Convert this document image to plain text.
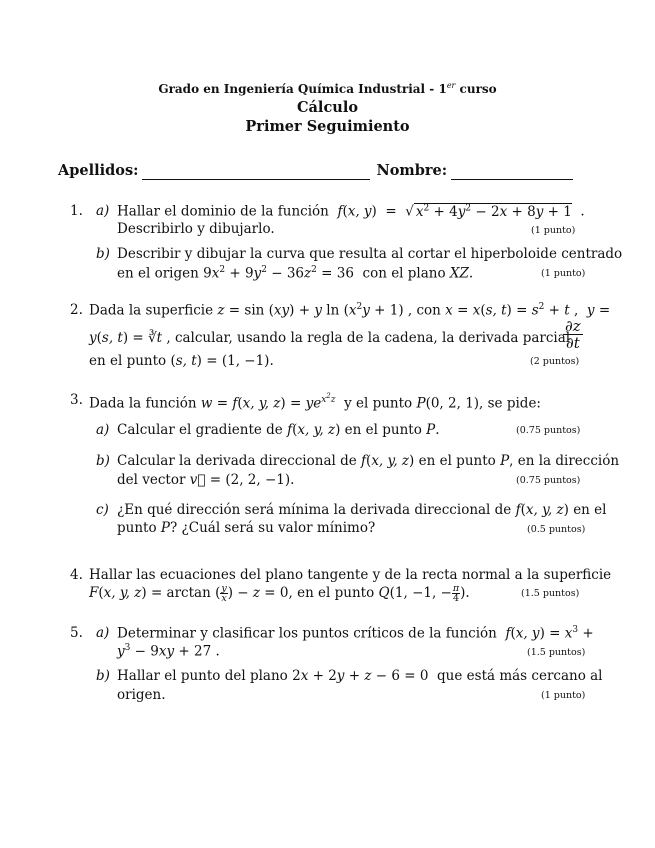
Grado en Ingeniería Química Industrial - 1er curso
Cálculo
Primer Seguimiento
Apellidos:	Nombre:
1. a) Hallar el dominio de la función f(x, y)  =  √ $x^2 + 4y^2 - 2x + 8y + 1$  .
Describirlo y dibujarlo.	(1 punto)
b) Describir y dibujar la curva que resulta al cortar el hiperboloide centrado
en el origen $9x^2 + 9y^2 - 36z^2 = 36$  con el plano XZ.	(1 punto)
2. Dada la superficie z = sin (xy) + y $\ln (x^2y + 1)$ , con x = x(s, $t) = s^2 + t$ ,  y =
y(s, t) = ∛t , calcular, usando la regla de la cadena, la derivada parcial
$\frac{\partial z}{\partial t}$
en el punto (s, t) = (1, −1).	(2 puntos)
3. Dada la función w = f(x, y, $z) = ye^{x^2z}$ y el punto P(0, 2, 1), se pide:
a) Calcular el gradiente de f(x, y, z) en el punto P.	(0.75 puntos)
b) Calcular la derivada direccional de f(x, y, z) en el punto P, en la dirección
del vector v⃗ = (2, 2, −1).	(0.75 puntos)
c) ¿En qué dirección será mínima la derivada direccional de f(x, y, z) en el
punto P? ¿Cuál será su valor mínimo?	(0.5 puntos)
4. Hallar las ecuaciones del plano tangente y de la recta normal a la superficie
F(x, y, z) = arctan ( $\frac{y}{x}$ ) − z = 0, en el punto Q(1, −1, − $\frac{\pi}{4}$ ).	(1.5 puntos)
5. a) Determinar y clasificar los puntos críticos de la función f(x, $y) = x^3$ +
$y^3 - 9xy + 27$ .	(1.5 puntos)
b) Hallar el punto del plano 2x + 2y + z − 6 = 0  que está más cercano al
origen.	(1 punto)
